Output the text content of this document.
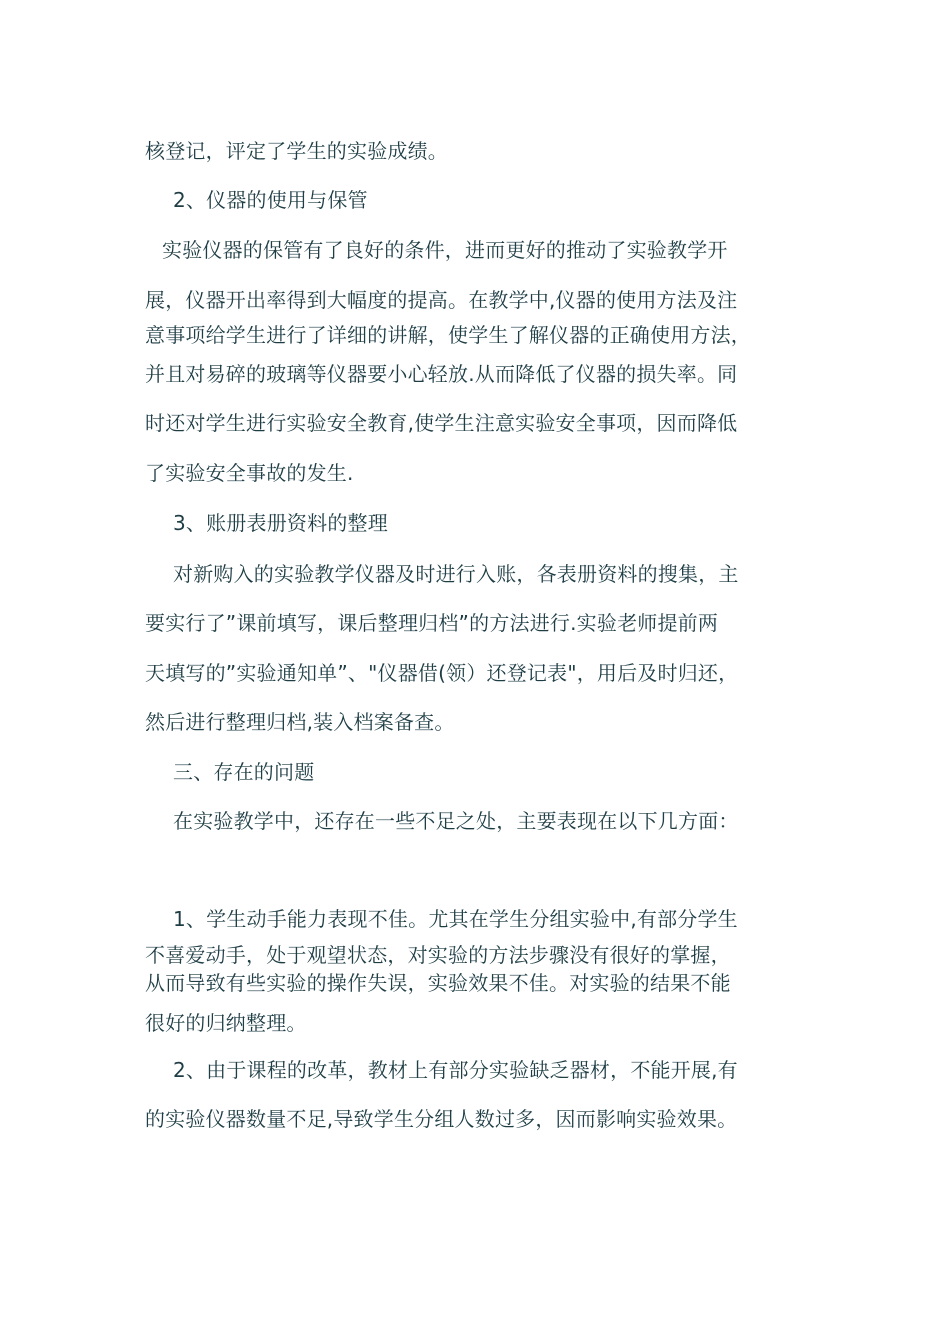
核登记，评定了学生的实验成绩。
2、仪器的使用与保管
实验仪器的保管有了良好的条件，进而更好的推动了实验教学开
展，仪器开出率得到大幅度的提高。在教学中,仪器的使用方法及注
意事项给学生进行了详细的讲解，使学生了解仪器的正确使用方法，
并且对易碎的玻璃等仪器要小心轻放.从而降低了仪器的损失率。同
时还对学生进行实验安全教育,使学生注意实验安全事项，因而降低
了实验安全事故的发生.
3、账册表册资料的整理
对新购入的实验教学仪器及时进行入账，各表册资料的搜集，主
要实行了”课前填写，课后整理归档”的方法进行.实验老师提前两
天填写的”实验通知单”、"仪器借(领）还登记表"，用后及时归还，
然后进行整理归档,装入档案备查。
三、存在的问题
在实验教学中，还存在一些不足之处，主要表现在以下几方面：
1、学生动手能力表现不佳。尤其在学生分组实验中,有部分学生
不喜爱动手，处于观望状态，对实验的方法步骤没有很好的掌握，
从而导致有些实验的操作失误，实验效果不佳。对实验的结果不能
很好的归纳整理。
2、由于课程的改革，教材上有部分实验缺乏器材，不能开展,有
的实验仪器数量不足,导致学生分组人数过多，因而影响实验效果。
